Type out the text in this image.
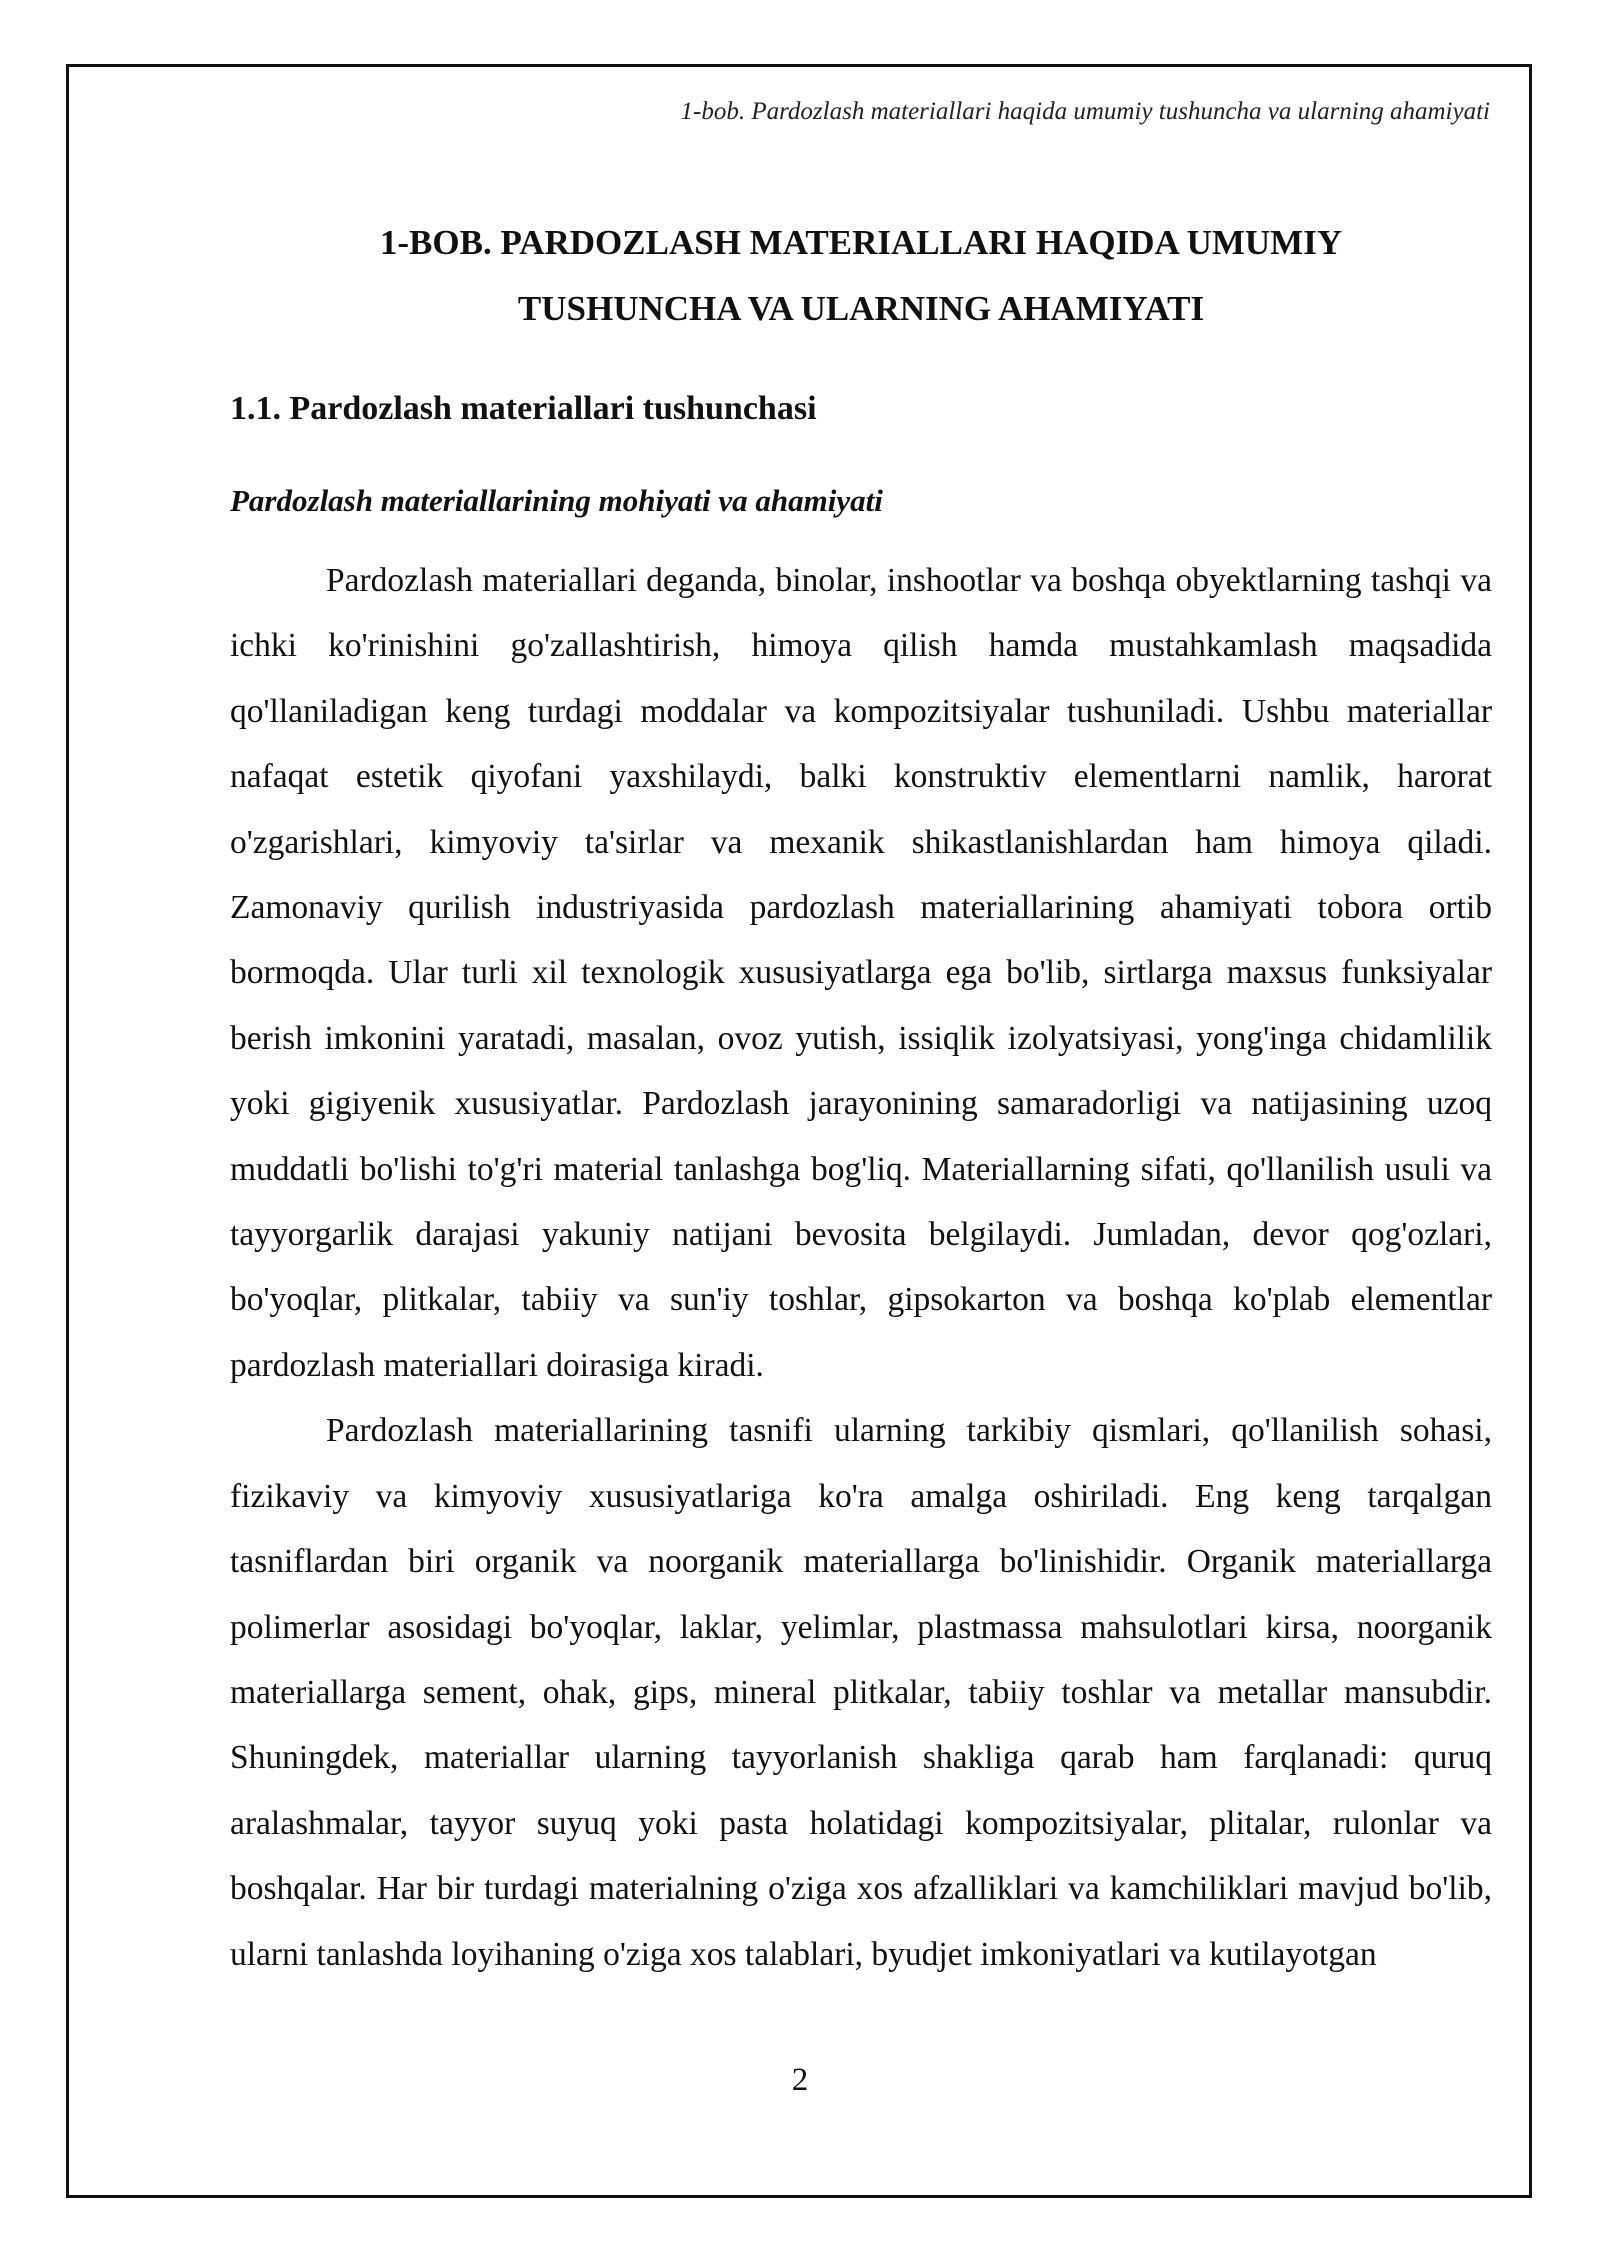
1-bob. Pardozlash materiallari haqida umumiy tushuncha va ularning ahamiyati
1-BOB. PARDOZLASH MATERIALLARI HAQIDA UMUMIY
TUSHUNCHA VA ULARNING AHAMIYATI
1.1. Pardozlash materiallari tushunchasi
Pardozlash materiallarining mohiyati va ahamiyati

Pardozlash materiallari deganda, binolar, inshootlar va boshqa obyektlarning tashqi va ichki ko'rinishini go'zallashtirish, himoya qilish hamda mustahkamlash maqsadida qo'llaniladigan keng turdagi moddalar va kompozitsiyalar tushuniladi. Ushbu materiallar nafaqat estetik qiyofani yaxshilaydi, balki konstruktiv elementlarni namlik, harorat o'zgarishlari, kimyoviy ta'sirlar va mexanik shikastlanishlardan ham himoya qiladi. Zamonaviy qurilish industriyasida pardozlash materiallarining ahamiyati tobora ortib bormoqda. Ular turli xil texnologik xususiyatlarga ega bo'lib, sirtlarga maxsus funksiyalar berish imkonini yaratadi, masalan, ovoz yutish, issiqlik izolyatsiyasi, yong'inga chidamlilik yoki gigiyenik xususiyatlar. Pardozlash jarayonining samaradorligi va natijasining uzoq muddatli bo'lishi to'g'ri material tanlashga bog'liq. Materiallarning sifati, qo'llanilish usuli va tayyorgarlik darajasi yakuniy natijani bevosita belgilaydi. Jumladan, devor qog'ozlari, bo'yoqlar, plitkalar, tabiiy va sun'iy toshlar, gipsokarton va boshqa ko'plab elementlar pardozlash materiallari doirasiga kiradi.

Pardozlash materiallarining tasnifi ularning tarkibiy qismlari, qo'llanilish sohasi, fizikaviy va kimyoviy xususiyatlariga ko'ra amalga oshiriladi. Eng keng tarqalgan tasniflardan biri organik va noorganik materiallarga bo'linishidir. Organik materiallarga polimerlar asosidagi bo'yoqlar, laklar, yelimlar, plastmassa mahsulotlari kirsa, noorganik materiallarga sement, ohak, gips, mineral plitkalar, tabiiy toshlar va metallar mansubdir. Shuningdek, materiallar ularning tayyorlanish shakliga qarab ham farqlanadi: quruq aralashmalar, tayyor suyuq yoki pasta holatidagi kompozitsiyalar, plitalar, rulonlar va boshqalar. Har bir turdagi materialning o'ziga xos afzalliklari va kamchiliklari mavjud bo'lib, ularni tanlashda loyihaning o'ziga xos talablari, byudjet imkoniyatlari va kutilayotgan

2
